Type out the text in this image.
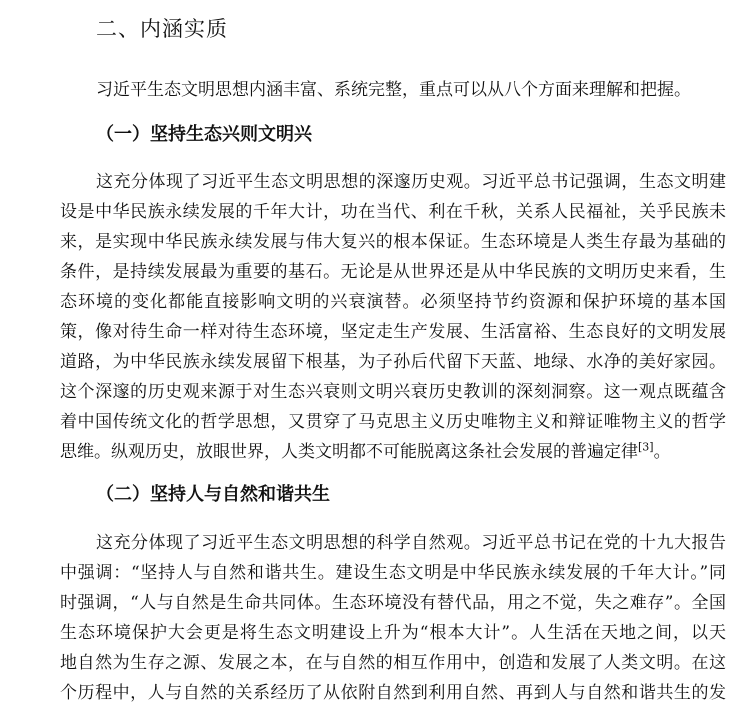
二、内涵实质

习近平生态文明思想内涵丰富、系统完整，重点可以从八个方面来理解和把握。

（一）坚持生态兴则文明兴
这充分体现了习近平生态文明思想的深邃历史观。习近平总书记强调，生态文明建
设是中华民族永续发展的千年大计，功在当代、利在千秋，关系人民福祉，关乎民族未
来，是实现中华民族永续发展与伟大复兴的根本保证。生态环境是人类生存最为基础的
条件，是持续发展最为重要的基石。无论是从世界还是从中华民族的文明历史来看，生
态环境的变化都能直接影响文明的兴衰演替。必须坚持节约资源和保护环境的基本国
策，像对待生命一样对待生态环境，坚定走生产发展、生活富裕、生态良好的文明发展
道路，为中华民族永续发展留下根基，为子孙后代留下天蓝、地绿、水净的美好家园。
这个深邃的历史观来源于对生态兴衰则文明兴衰历史教训的深刻洞察。这一观点既蕴含
着中国传统文化的哲学思想，又贯穿了马克思主义历史唯物主义和辩证唯物主义的哲学
思维。纵观历史，放眼世界，人类文明都不可能脱离这条社会发展的普遍定律[3]。
（二）坚持人与自然和谐共生
这充分体现了习近平生态文明思想的科学自然观。习近平总书记在党的十九大报告
中强调：“坚持人与自然和谐共生。建设生态文明是中华民族永续发展的千年大计。”同
时强调，“人与自然是生命共同体。生态环境没有替代品，用之不觉，失之难存”。全国
生态环境保护大会更是将生态文明建设上升为“根本大计”。人生活在天地之间，以天
地自然为生存之源、发展之本，在与自然的相互作用中，创造和发展了人类文明。在这
个历程中，人与自然的关系经历了从依附自然到利用自然、再到人与自然和谐共生的发
